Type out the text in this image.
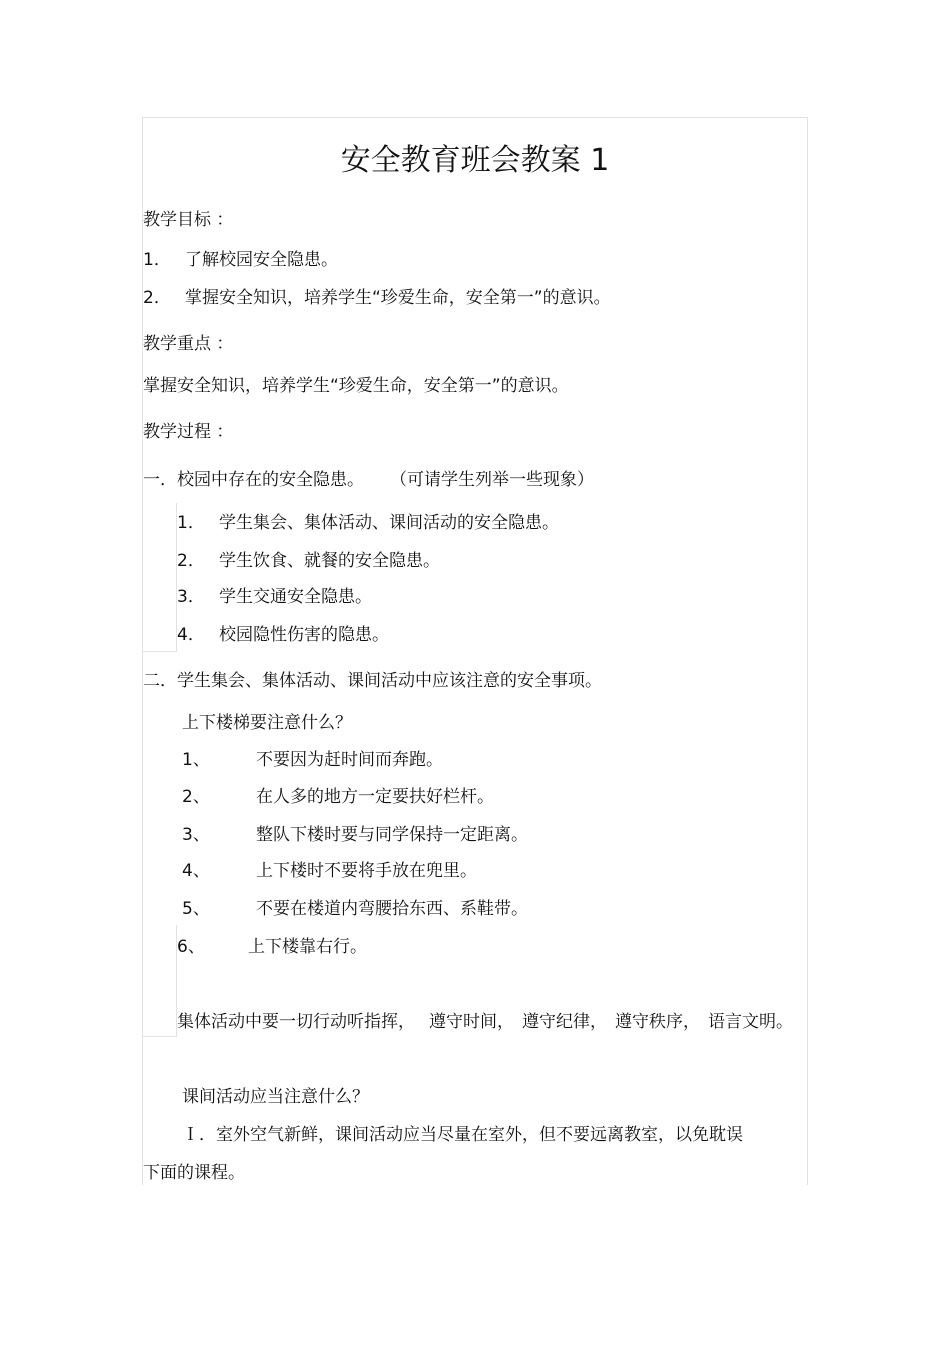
安全教育班会教案 1
教学目标 ：
1． 了解校园安全隐患。
2． 掌握安全知识，培养学生“珍爱生命，安全第一”的意识。
教学重点 ：
掌握安全知识，培养学生“珍爱生命，安全第一”的意识。
教学过程 ：
一．校园中存在的安全隐患。 （可请学生列举一些现象）
1． 学生集会、集体活动、课间活动的安全隐患。
2． 学生饮食、就餐的安全隐患。
3． 学生交通安全隐患。
4． 校园隐性伤害的隐患。
二．学生集会、集体活动、课间活动中应该注意的安全事项。
上下楼梯要注意什么？
1、	不要因为赶时间而奔跑。
2、	在人多的地方一定要扶好栏杆。
3、	整队下楼时要与同学保持一定距离。
4、	上下楼时不要将手放在兜里。
5、	不要在楼道内弯腰拾东西、系鞋带。
6、	上下楼靠右行。
集体活动中要一切行动听指挥， 遵守时间， 遵守纪律， 遵守秩序， 语言文明。
课间活动应当注意什么？
Ｉ．室外空气新鲜，课间活动应当尽量在室外，但不要远离教室，以免耽误
下面的课程。
